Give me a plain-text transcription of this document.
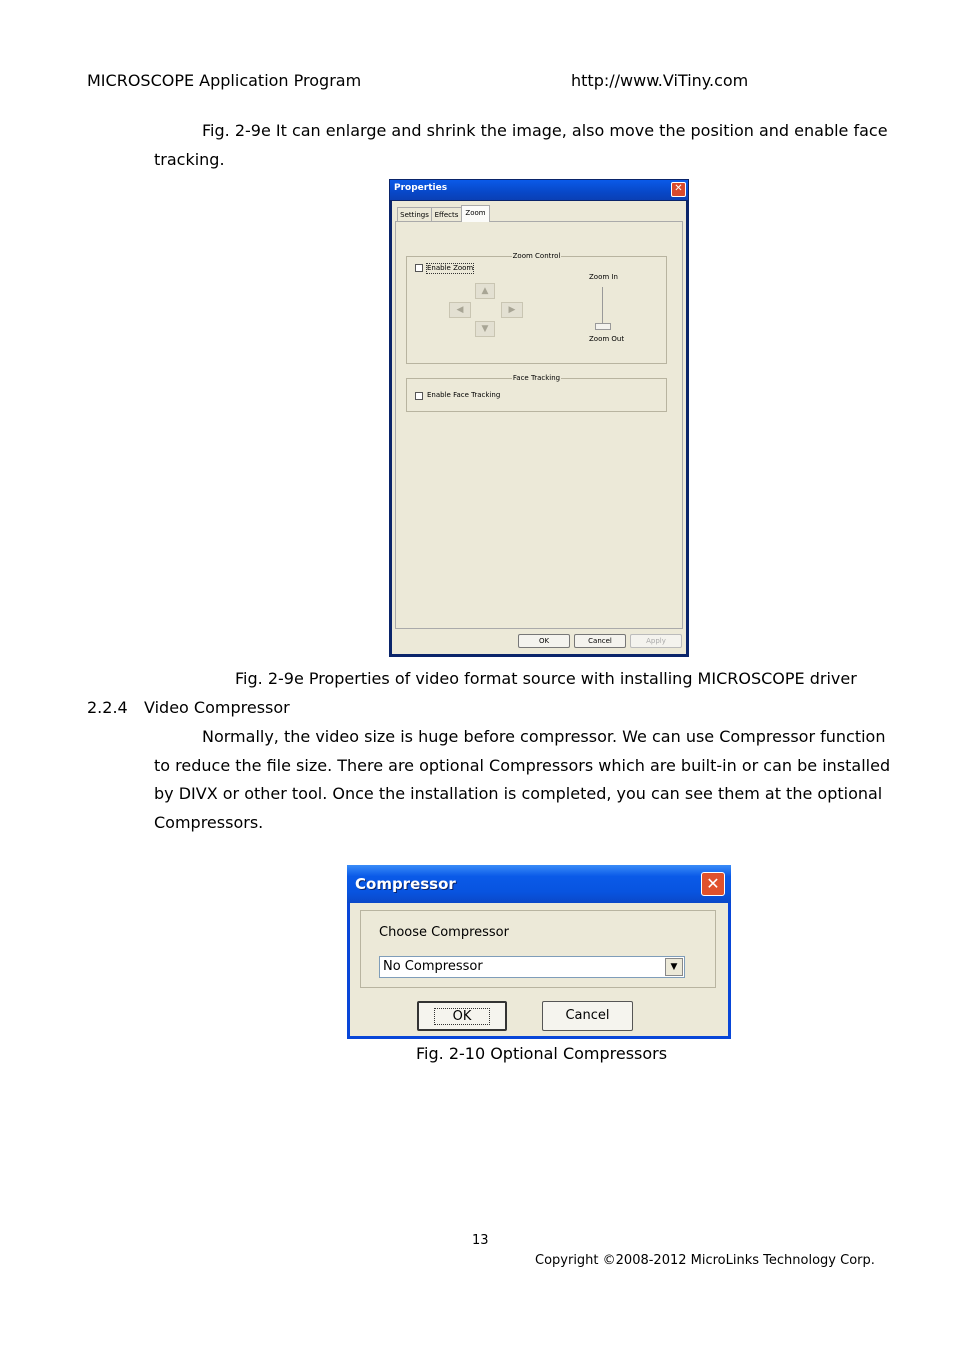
MICROSCOPE Application Program	http://www.ViTiny.com
Fig. 2-9e It can enlarge and shrink the image, also move the position and enable face
tracking.
Properties	✕
Settings Effects	Zoom
Zoom Control
Enable Zoom
▲
◀	▶
▼
Zoom In
Zoom Out
Face Tracking
Enable Face Tracking
OK	Cancel	Apply
Fig. 2-9e Properties of video format source with installing MICROSCOPE driver
2.2.4 Video Compressor
Normally, the video size is huge before compressor. We can use Compressor function
to reduce the file size. There are optional Compressors which are built-in or can be installed
by DIVX or other tool. Once the installation is completed, you can see them at the optional
Compressors.
Compressor	✕
Choose Compressor
No Compressor	▼
OK	Cancel
Fig. 2-10 Optional Compressors
13
Copyright ©2008-2012 MicroLinks Technology Corp.
